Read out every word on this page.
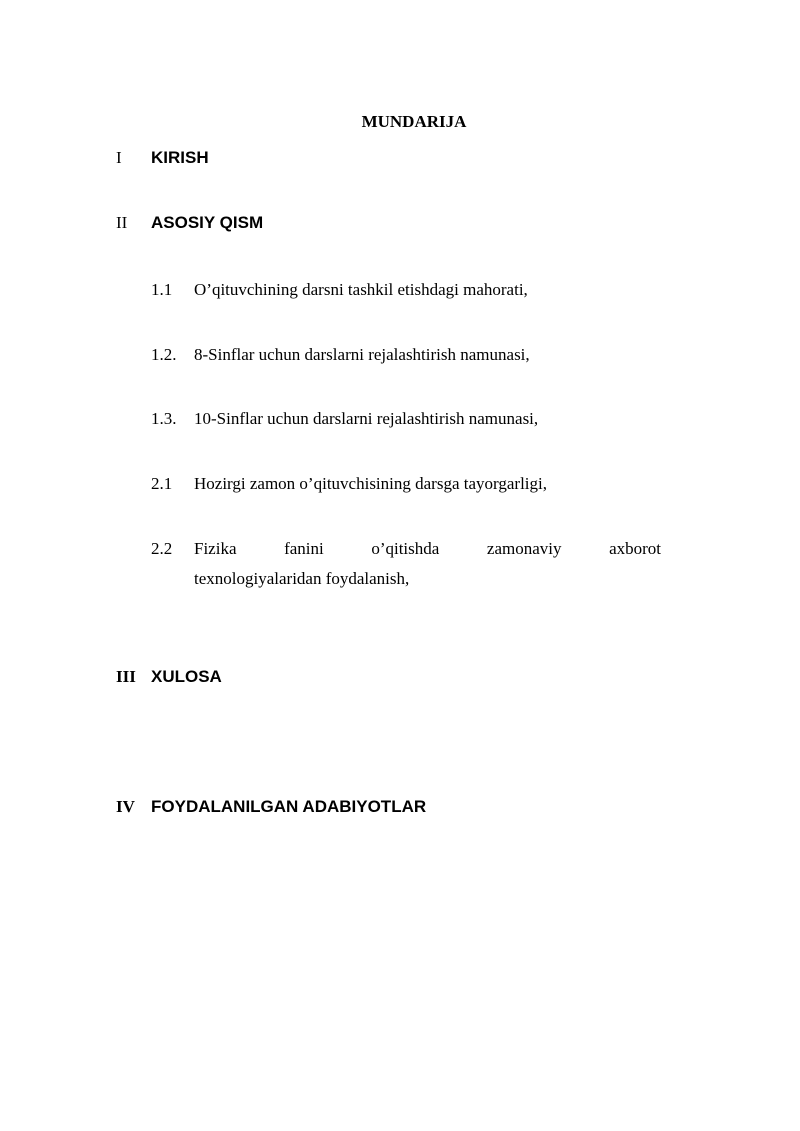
MUNDARIJA
I	KIRISH
II	ASOSIY QISM
1.1	O’qituvchining darsni tashkil etishdagi mahorati,
1.2.	8-Sinflar uchun darslarni rejalashtirish namunasi,
1.3.	10-Sinflar uchun darslarni rejalashtirish namunasi,
2.1	Hozirgi zamon o’qituvchisining darsga tayorgarligi,
2.2	Fizika fanini o’qitishda zamonaviy axborot
texnologiyalaridan foydalanish,
III XULOSA
IV FOYDALANILGAN ADABIYOTLAR
